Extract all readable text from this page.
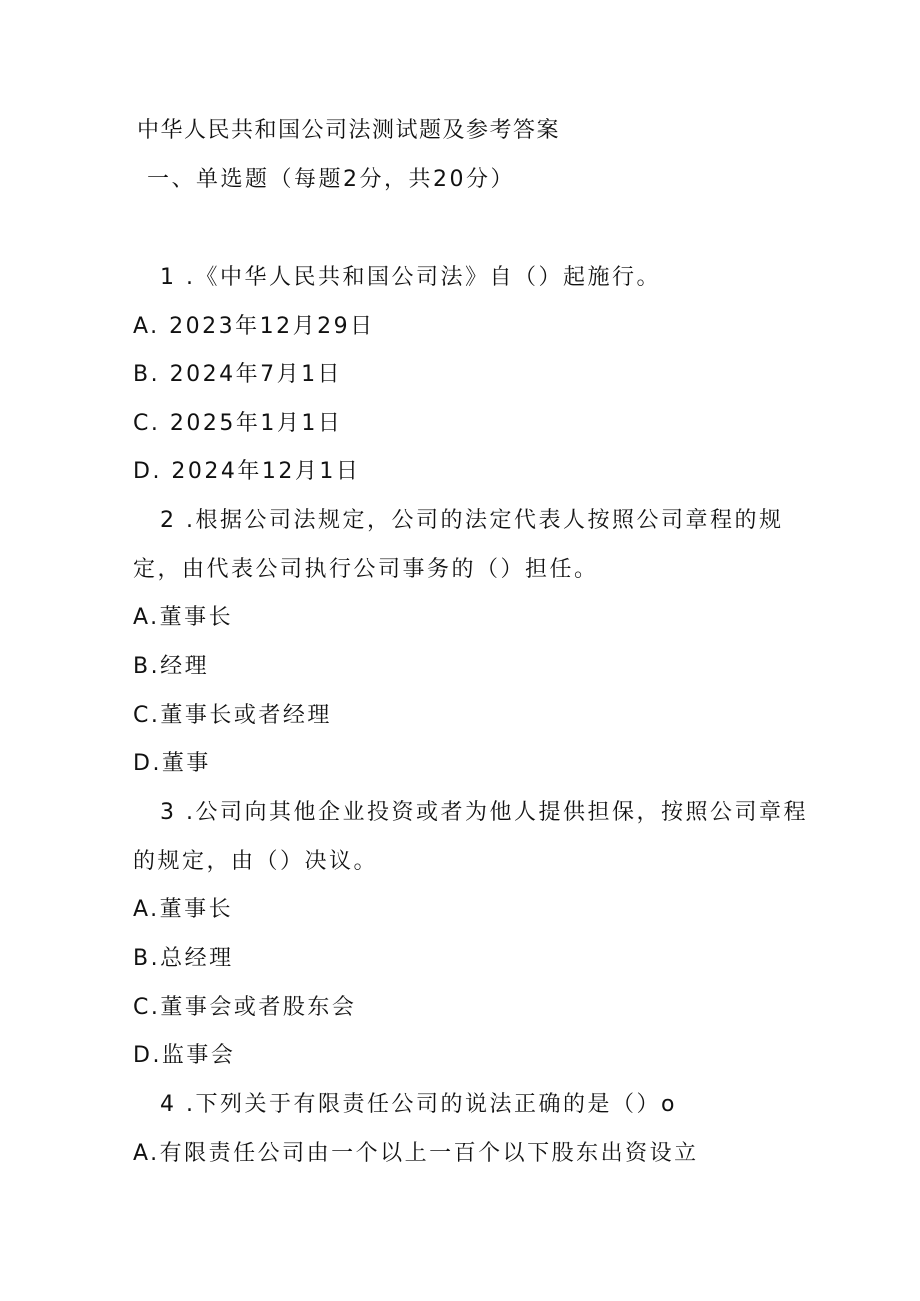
中华人民共和国公司法测试题及参考答案
一、单选题（每题2分，共20分）
1 .《中华人民共和国公司法》自（）起施行。
A. 2023年12月29日
B. 2024年7月1日
C. 2025年1月1日
D. 2024年12月1日
2 .根据公司法规定，公司的法定代表人按照公司章程的规
定，由代表公司执行公司事务的（）担任。
A.董事长
B.经理
C.董事长或者经理
D.董事
3 .公司向其他企业投资或者为他人提供担保，按照公司章程
的规定，由（）决议。
A.董事长
B.总经理
C.董事会或者股东会
D.监事会
4 .下列关于有限责任公司的说法正确的是（）o
A.有限责任公司由一个以上一百个以下股东出资设立
